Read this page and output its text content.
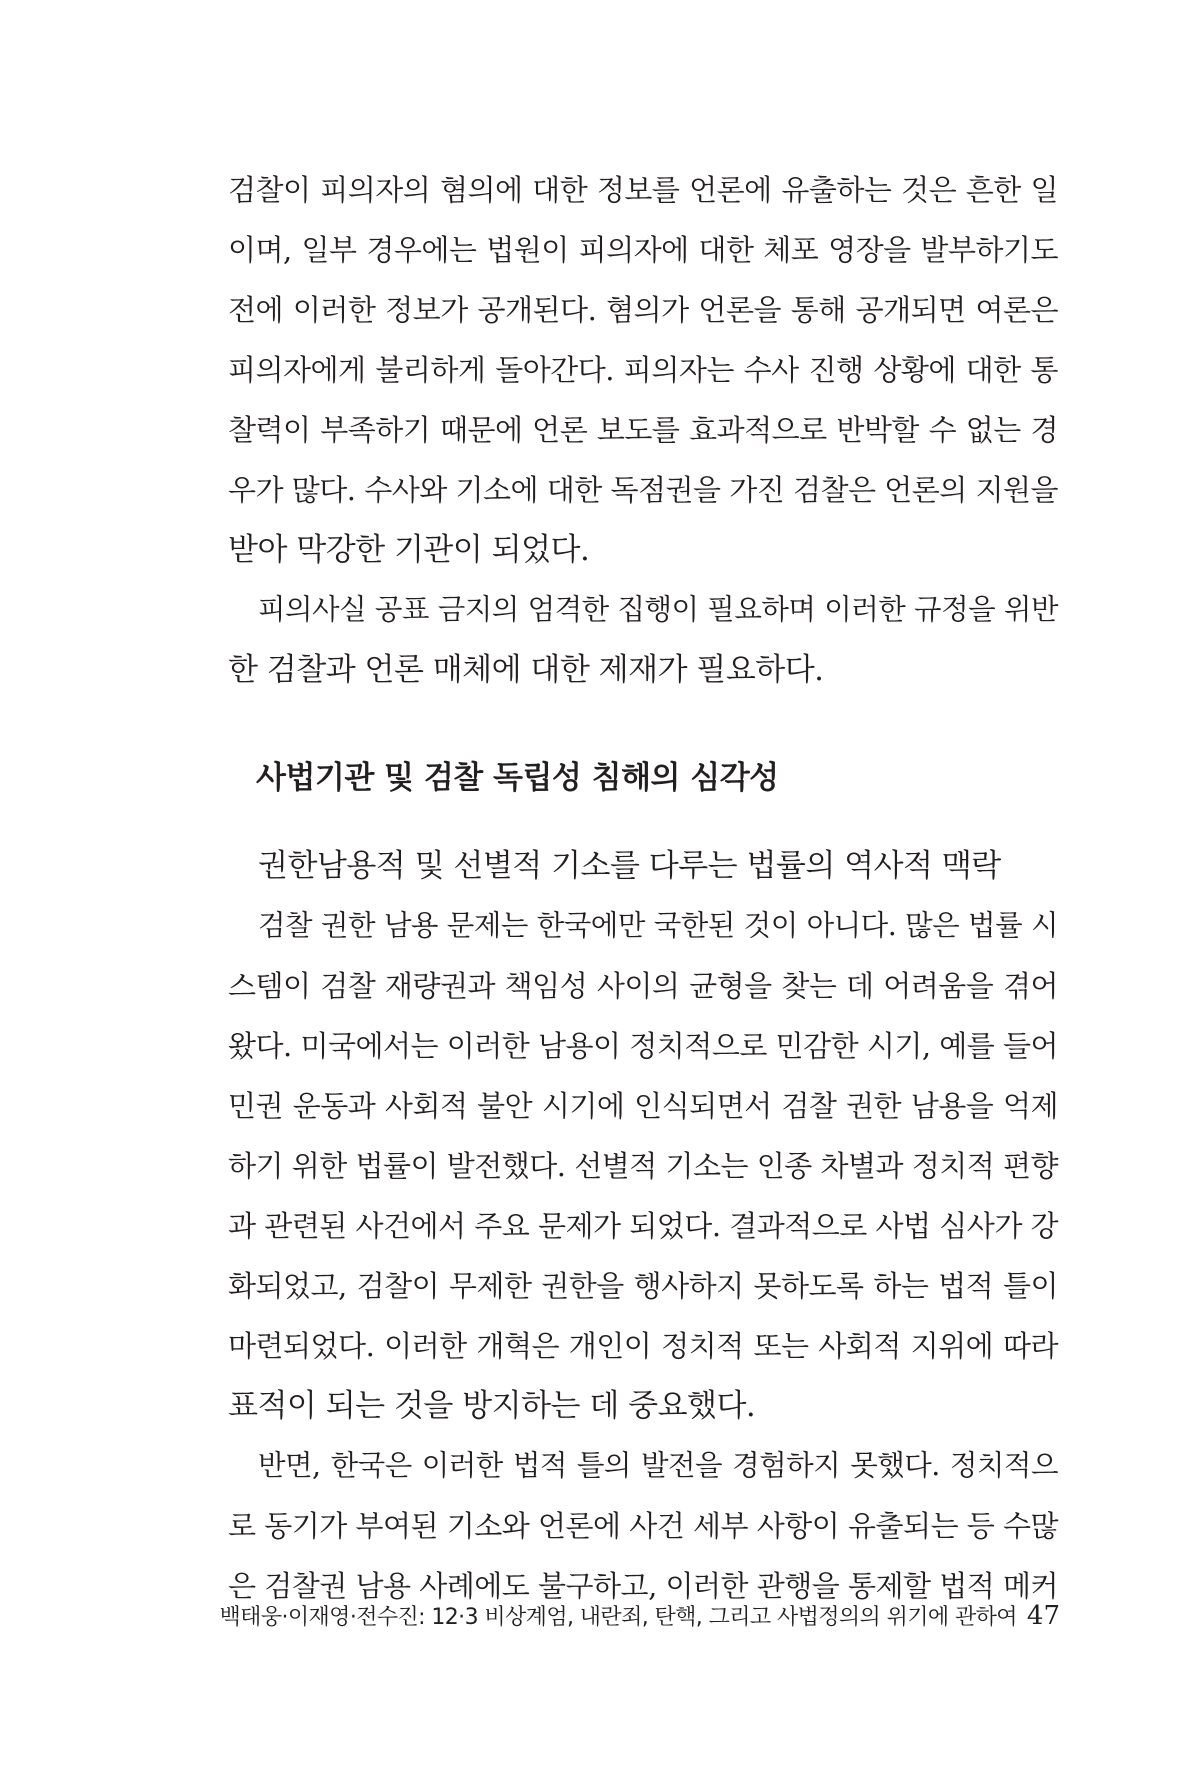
검찰이 피의자의 혐의에 대한 정보를 언론에 유출하는 것은 흔한 일
이며, 일부 경우에는 법원이 피의자에 대한 체포 영장을 발부하기도
전에 이러한 정보가 공개된다. 혐의가 언론을 통해 공개되면 여론은
피의자에게 불리하게 돌아간다. 피의자는 수사 진행 상황에 대한 통
찰력이 부족하기 때문에 언론 보도를 효과적으로 반박할 수 없는 경
우가 많다. 수사와 기소에 대한 독점권을 가진 검찰은 언론의 지원을
받아 막강한 기관이 되었다.
피의사실 공표 금지의 엄격한 집행이 필요하며 이러한 규정을 위반
한 검찰과 언론 매체에 대한 제재가 필요하다.
사법기관 및 검찰 독립성 침해의 심각성
권한남용적 및 선별적 기소를 다루는 법률의 역사적 맥락
검찰 권한 남용 문제는 한국에만 국한된 것이 아니다. 많은 법률 시
스템이 검찰 재량권과 책임성 사이의 균형을 찾는 데 어려움을 겪어
왔다. 미국에서는 이러한 남용이 정치적으로 민감한 시기, 예를 들어
민권 운동과 사회적 불안 시기에 인식되면서 검찰 권한 남용을 억제
하기 위한 법률이 발전했다. 선별적 기소는 인종 차별과 정치적 편향
과 관련된 사건에서 주요 문제가 되었다. 결과적으로 사법 심사가 강
화되었고, 검찰이 무제한 권한을 행사하지 못하도록 하는 법적 틀이
마련되었다. 이러한 개혁은 개인이 정치적 또는 사회적 지위에 따라
표적이 되는 것을 방지하는 데 중요했다.
반면, 한국은 이러한 법적 틀의 발전을 경험하지 못했다. 정치적으
로 동기가 부여된 기소와 언론에 사건 세부 사항이 유출되는 등 수많
은 검찰권 남용 사례에도 불구하고, 이러한 관행을 통제할 법적 메커
백태웅·이재영·전수진: 12·3 비상계엄, 내란죄, 탄핵, 그리고 사법정의의 위기에 관하여 47
